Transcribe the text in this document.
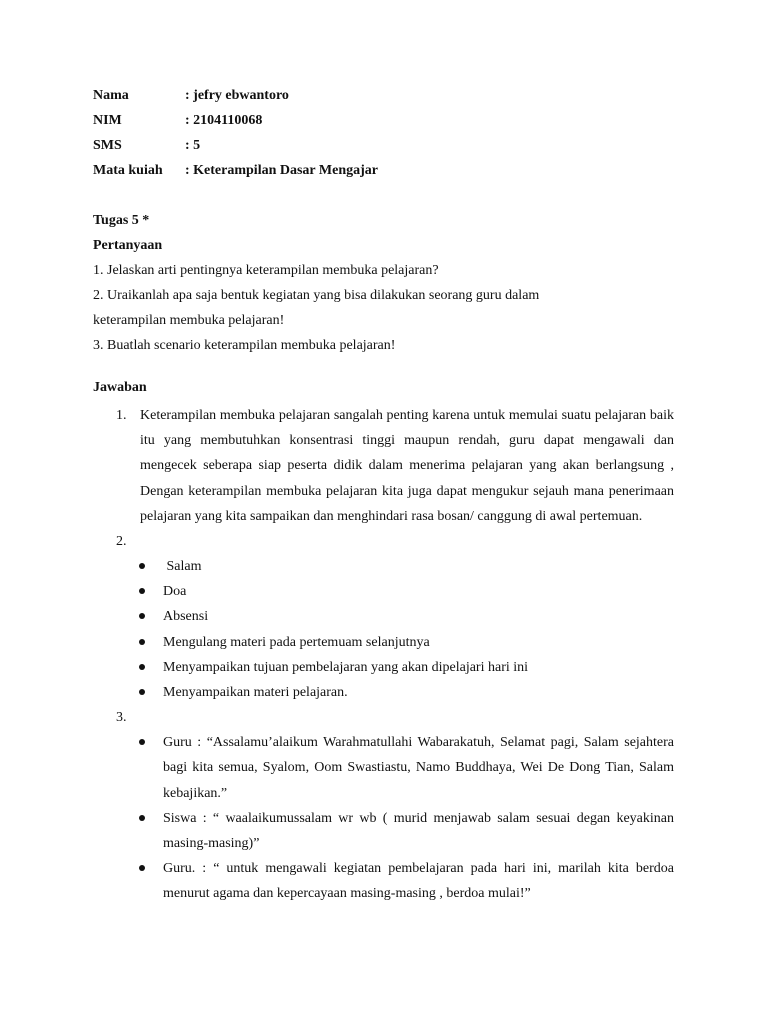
Nama	: jefry ebwantoro
NIM	: 2104110068
SMS	: 5
Mata kuiah	: Keterampilan Dasar Mengajar
Tugas 5 *
Pertanyaan
1. Jelaskan arti pentingnya keterampilan membuka pelajaran?
2. Uraikanlah apa saja bentuk kegiatan yang bisa dilakukan seorang guru dalam
keterampilan membuka pelajaran!
3. Buatlah scenario keterampilan membuka pelajaran!
Jawaban
1. Keterampilan membuka pelajaran sangalah penting karena untuk memulai suatu pelajaran baik itu yang membutuhkan konsentrasi tinggi maupun rendah, guru dapat mengawali dan mengecek seberapa siap peserta didik dalam menerima pelajaran yang akan berlangsung , Dengan keterampilan membuka pelajaran kita juga dapat mengukur sejauh mana penerimaan pelajaran yang kita sampaikan dan menghindari rasa bosan/ canggung di awal pertemuan.
2.
Salam
Doa
Absensi
Mengulang materi pada pertemuam selanjutnya
Menyampaikan tujuan pembelajaran yang akan dipelajari hari ini
Menyampaikan materi pelajaran.
3.
Guru : “Assalamu’alaikum Warahmatullahi Wabarakatuh, Selamat pagi, Salam sejahtera bagi kita semua, Syalom, Oom Swastiastu, Namo Buddhaya, Wei De Dong Tian, Salam kebajikan.”
Siswa : “ waalaikumussalam wr wb ( murid menjawab salam sesuai degan keyakinan masing-masing)”
Guru. : “ untuk mengawali kegiatan pembelajaran pada hari ini, marilah kita berdoa menurut agama dan kepercayaan masing-masing , berdoa mulai!”
